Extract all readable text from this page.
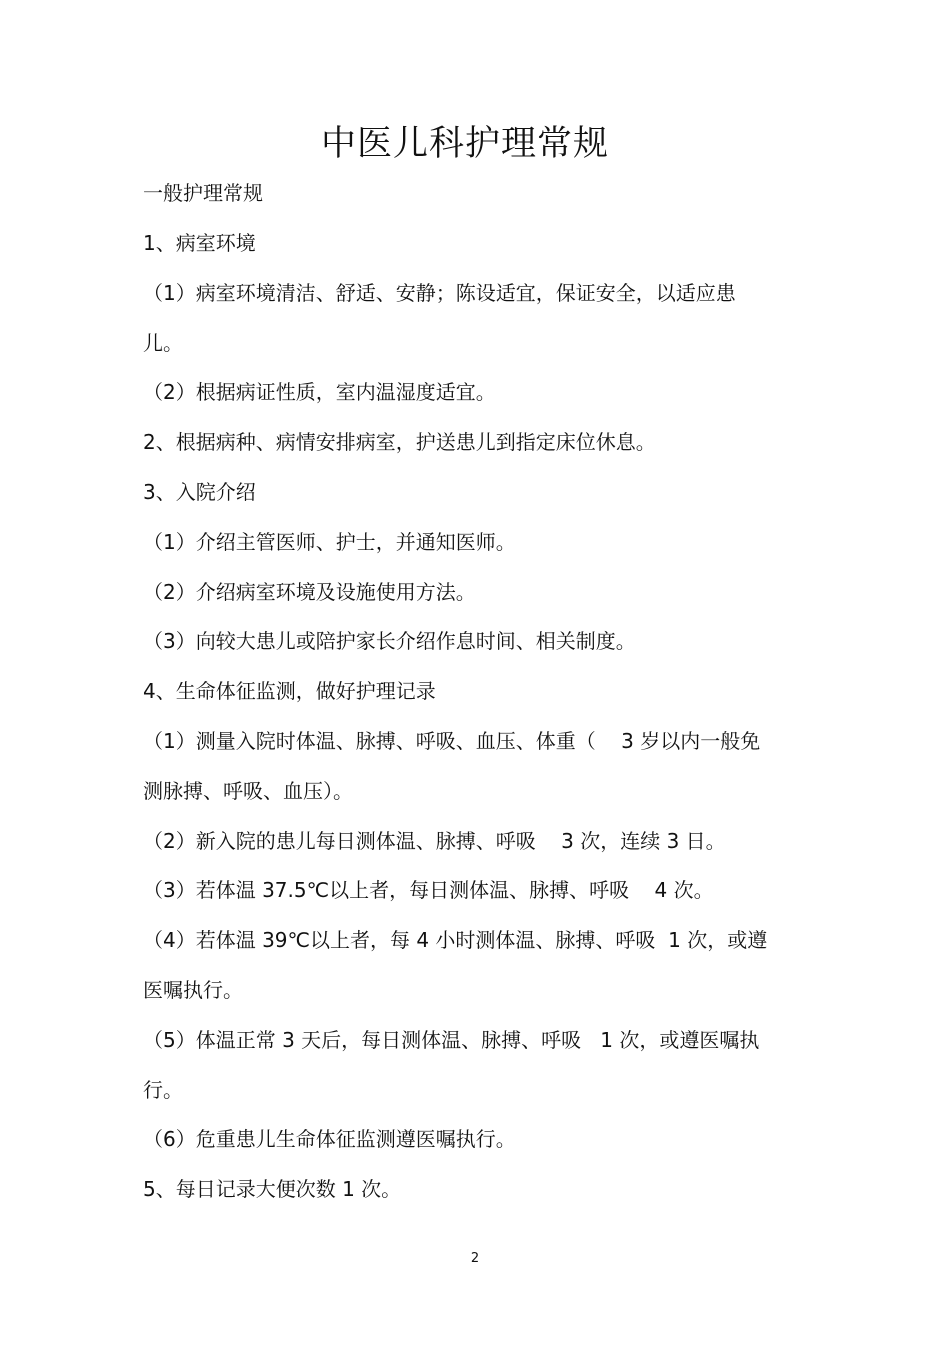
中医儿科护理常规

一般护理常规

1、病室环境

（1）病室环境清洁、舒适、安静；陈设适宜，保证安全，以适应患

儿。

（2）根据病证性质，室内温湿度适宜。

2、根据病种、病情安排病室，护送患儿到指定床位休息。

3、入院介绍

（1）介绍主管医师、护士，并通知医师。

（2）介绍病室环境及设施使用方法。

（3）向较大患儿或陪护家长介绍作息时间、相关制度。

4、生命体征监测，做好护理记录

（1）测量入院时体温、脉搏、呼吸、血压、体重（    3 岁以内一般免

测脉搏、呼吸、血压）。

（2）新入院的患儿每日测体温、脉搏、呼吸    3 次，连续 3 日。

（3）若体温 37.5℃以上者，每日测体温、脉搏、呼吸    4 次。

（4）若体温 39℃以上者，每 4 小时测体温、脉搏、呼吸  1 次，或遵

医嘱执行。

（5）体温正常 3 天后，每日测体温、脉搏、呼吸   1 次，或遵医嘱执

行。

（6）危重患儿生命体征监测遵医嘱执行。

5、每日记录大便次数 1 次。

2
